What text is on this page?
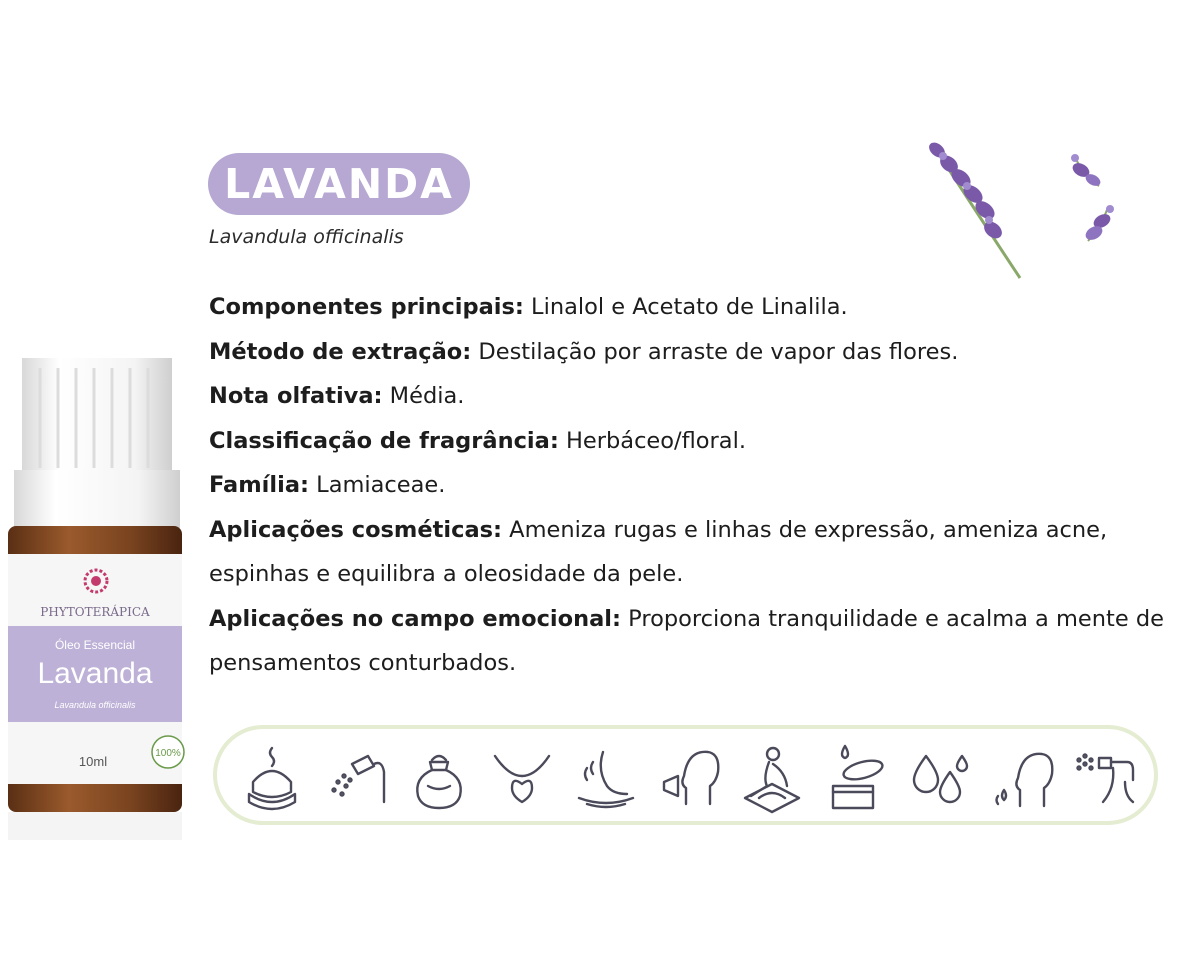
PHYTOTERÁPICA
Óleo Essencial
Lavanda
Lavandula officinalis
10ml
100%
LAVANDA
Lavandula officinalis

Componentes principais: Linalol e Acetato de Linalila.

Método de extração: Destilação por arraste de vapor das flores.

Nota olfativa: Média.

Classificação de fragrância: Herbáceo/floral.

Família: Lamiaceae.

Aplicações cosméticas: Ameniza rugas e linhas de expressão, ameniza acne, espinhas e equilibra a oleosidade da pele.

Aplicações no campo emocional: Proporciona tranquilidade e acalma a mente de pensamentos conturbados.
